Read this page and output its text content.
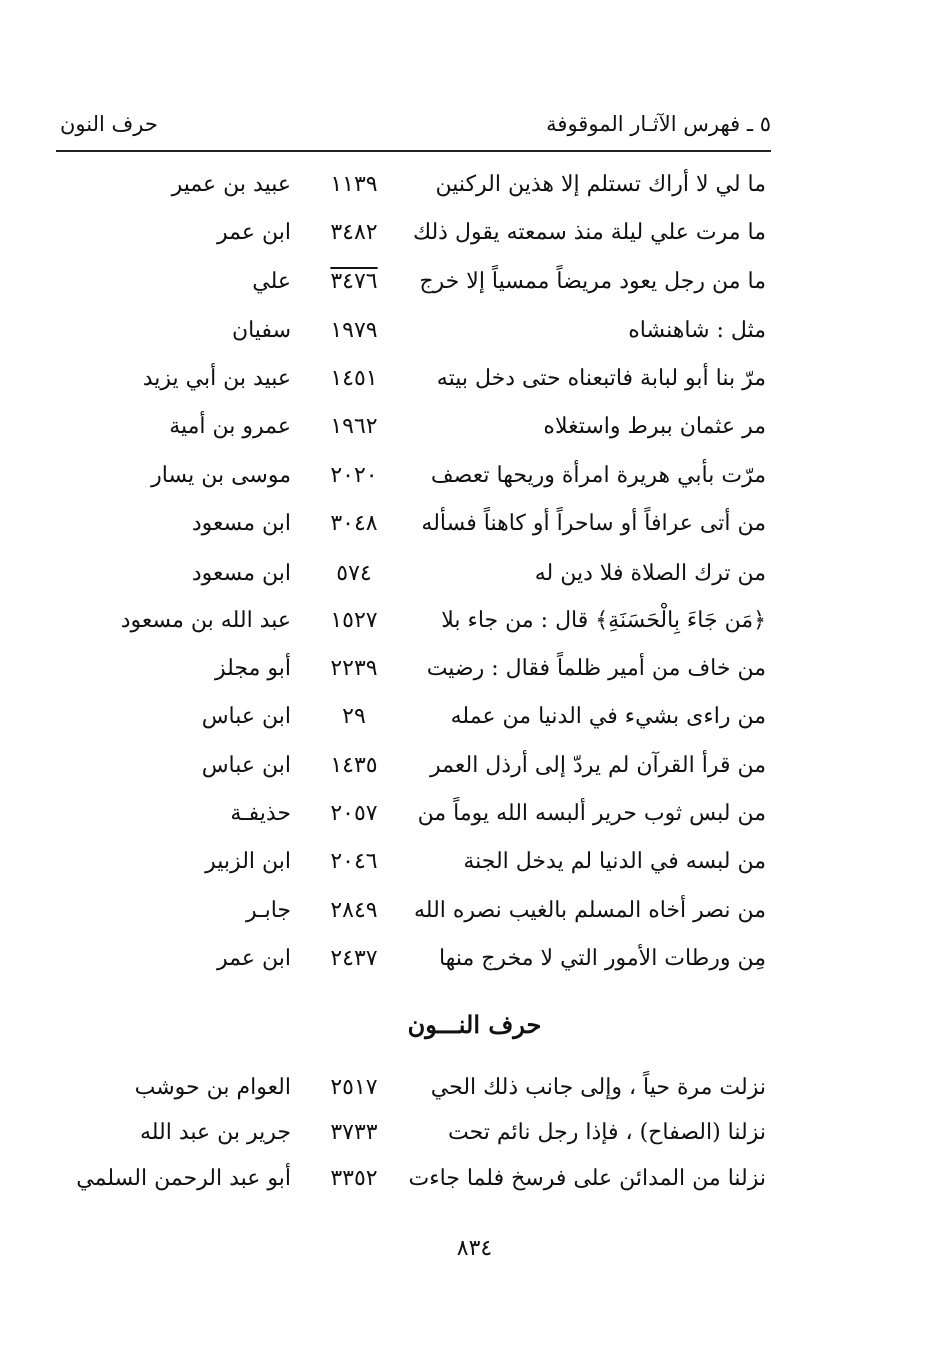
٥ ـ فهرس الآثـار الموقوفة
حرف النون
ما لي لا أراك تستلم إلا هذين الركنين
١١٣٩
عبيد بن عمير
ما مرت علي ليلة منذ سمعته يقول ذلك
٣٤٨٢
ابن عمر
ما من رجل يعود مريضاً ممسياً إلا خرج
٣٤٧٦
علي
مثل : شاهنشاه
١٩٧٩
سفيان
مرّ بنا أبو لبابة فاتبعناه حتى دخل بيته
١٤٥١
عبيد بن أبي يزيد
مر عثمان ببرط واستغلاه
١٩٦٢
عمرو بن أمية
مرّت بأبي هريرة امرأة وريحها تعصف
٢٠٢٠
موسى بن يسار
من أتى عرافاً أو ساحراً أو كاهناً فسأله
٣٠٤٨
ابن مسعود
من ترك الصلاة فلا دين له
٥٧٤
ابن مسعود
﴿مَن جَاءَ بِالْحَسَنَةِ﴾ قال : من جاء بلا
١٥٢٧
عبد الله بن مسعود
من خاف من أمير ظلماً فقال : رضيت
٢٢٣٩
أبو مجلز
من راءى بشيء في الدنيا من عمله
٢٩
ابن عباس
من قرأ القرآن لم يردّ إلى أرذل العمر
١٤٣٥
ابن عباس
من لبس ثوب حرير ألبسه الله يوماً من
٢٠٥٧
حذيفـة
من لبسه في الدنيا لم يدخل الجنة
٢٠٤٦
ابن الزبير
من نصر أخاه المسلم بالغيب نصره الله
٢٨٤٩
جابـر
مِن ورطات الأمور التي لا مخرج منها
٢٤٣٧
ابن عمر
حرف النـــون
نزلت مرة حياً ، وإلى جانب ذلك الحي
٢٥١٧
العوام بن حوشب
نزلنا (الصفاح) ، فإذا رجل نائم تحت
٣٧٣٣
جرير بن عبد الله
نزلنا من المدائن على فرسخ فلما جاءت
٣٣٥٢
أبو عبد الرحمن السلمي
٨٣٤
